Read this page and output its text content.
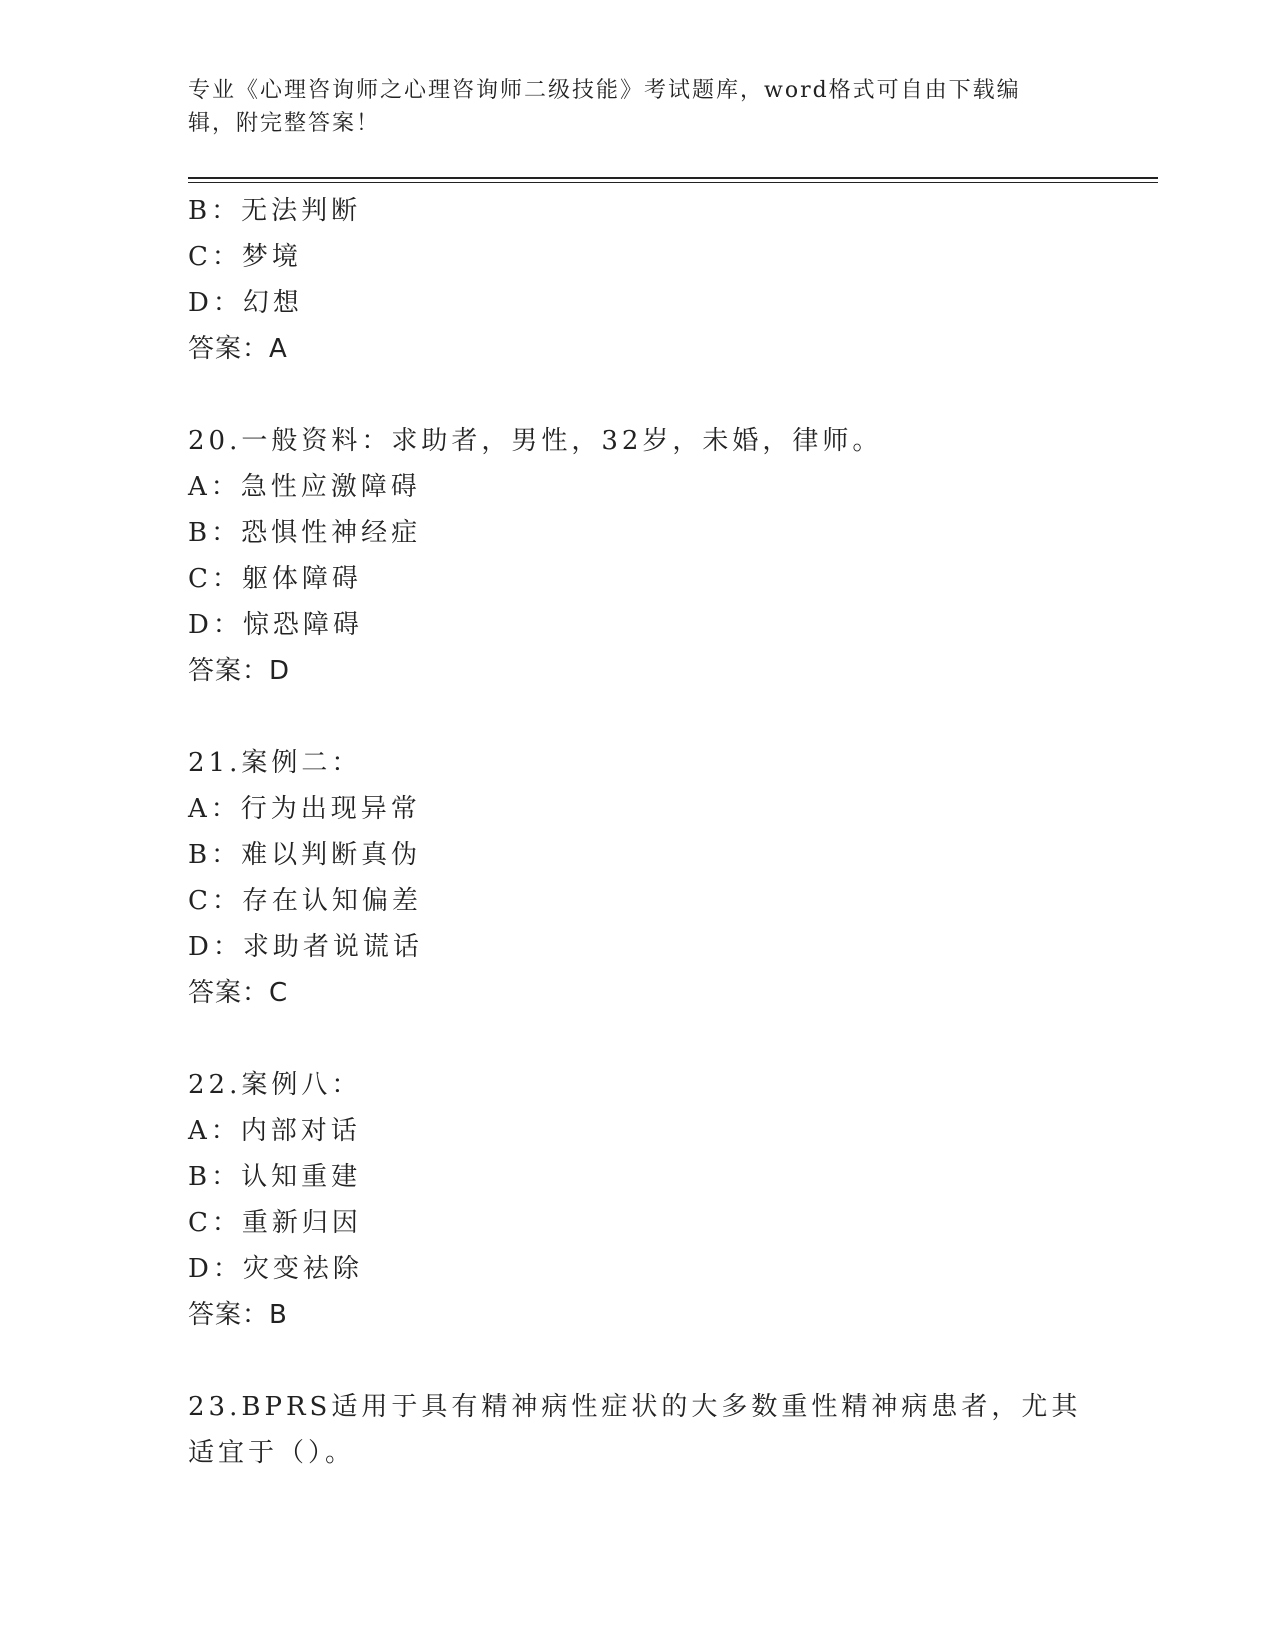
专业《心理咨询师之心理咨询师二级技能》考试题库，word格式可自由下载编辑，附完整答案！
B：无法判断
C：梦境
D：幻想
答案：A
20.一般资料：求助者，男性，32岁，未婚，律师。
A：急性应激障碍
B：恐惧性神经症
C：躯体障碍
D：惊恐障碍
答案：D
21.案例二：
A：行为出现异常
B：难以判断真伪
C：存在认知偏差
D：求助者说谎话
答案：C
22.案例八：
A：内部对话
B：认知重建
C：重新归因
D：灾变祛除
答案：B
23.BPRS适用于具有精神病性症状的大多数重性精神病患者，尤其适宜于（）。
